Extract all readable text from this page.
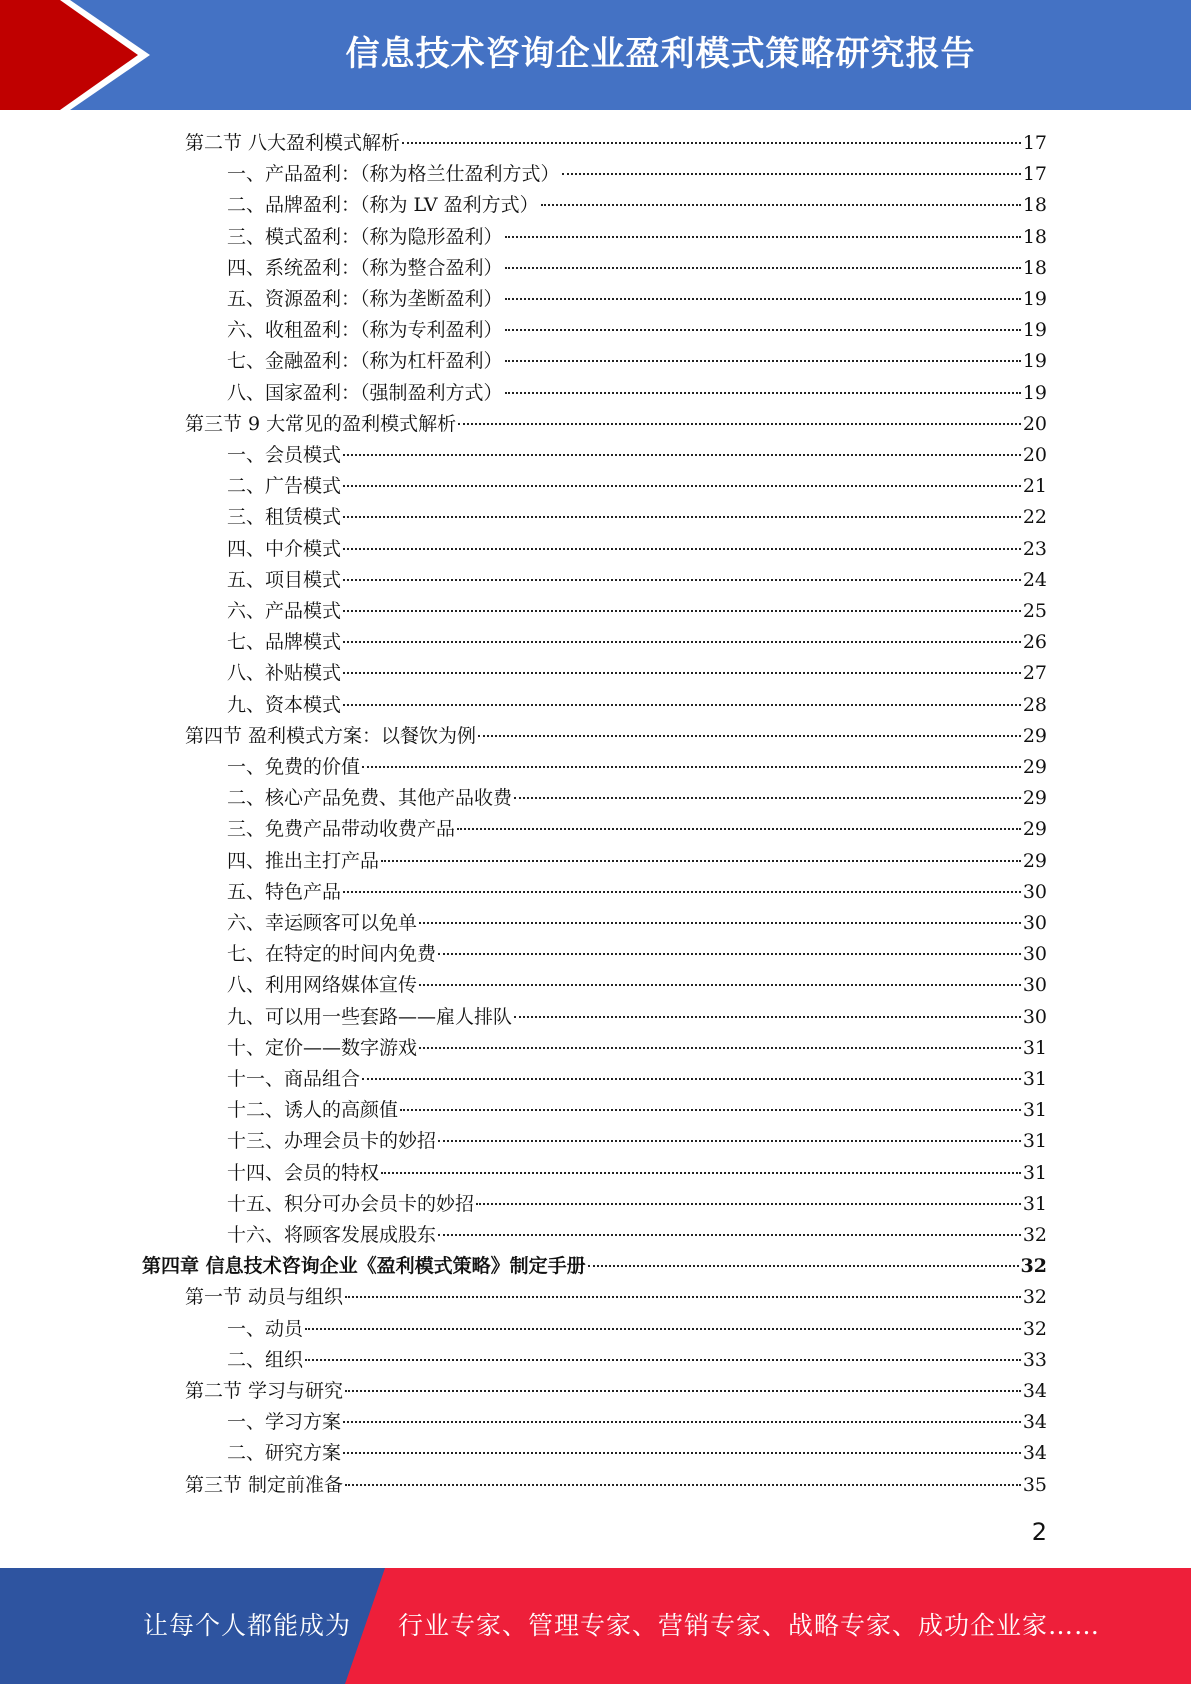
信息技术咨询企业盈利模式策略研究报告
第二节 八大盈利模式解析	17
一、产品盈利：（称为格兰仕盈利方式）	17
二、品牌盈利：（称为 LV 盈利方式）	18
三、模式盈利：（称为隐形盈利）	18
四、系统盈利：（称为整合盈利）	18
五、资源盈利：（称为垄断盈利）	19
六、收租盈利：（称为专利盈利）	19
七、金融盈利：（称为杠杆盈利）	19
八、国家盈利：（强制盈利方式）	19
第三节 9 大常见的盈利模式解析	20
一、会员模式	20
二、广告模式	21
三、租赁模式	22
四、中介模式	23
五、项目模式	24
六、产品模式	25
七、品牌模式	26
八、补贴模式	27
九、资本模式	28
第四节 盈利模式方案：以餐饮为例	29
一、免费的价值	29
二、核心产品免费、其他产品收费	29
三、免费产品带动收费产品	29
四、推出主打产品	29
五、特色产品	30
六、幸运顾客可以免单	30
七、在特定的时间内免费	30
八、利用网络媒体宣传	30
九、可以用一些套路——雇人排队	30
十、定价——数字游戏	31
十一、商品组合	31
十二、诱人的高颜值	31
十三、办理会员卡的妙招	31
十四、会员的特权	31
十五、积分可办会员卡的妙招	31
十六、将顾客发展成股东	32
第四章 信息技术咨询企业《盈利模式策略》制定手册	32
第一节 动员与组织	32
一、动员	32
二、组织	33
第二节 学习与研究	34
一、学习方案	34
二、研究方案	34
第三节 制定前准备	35
2
让每个人都能成为 行业专家、管理专家、营销专家、战略专家、成功企业家……
